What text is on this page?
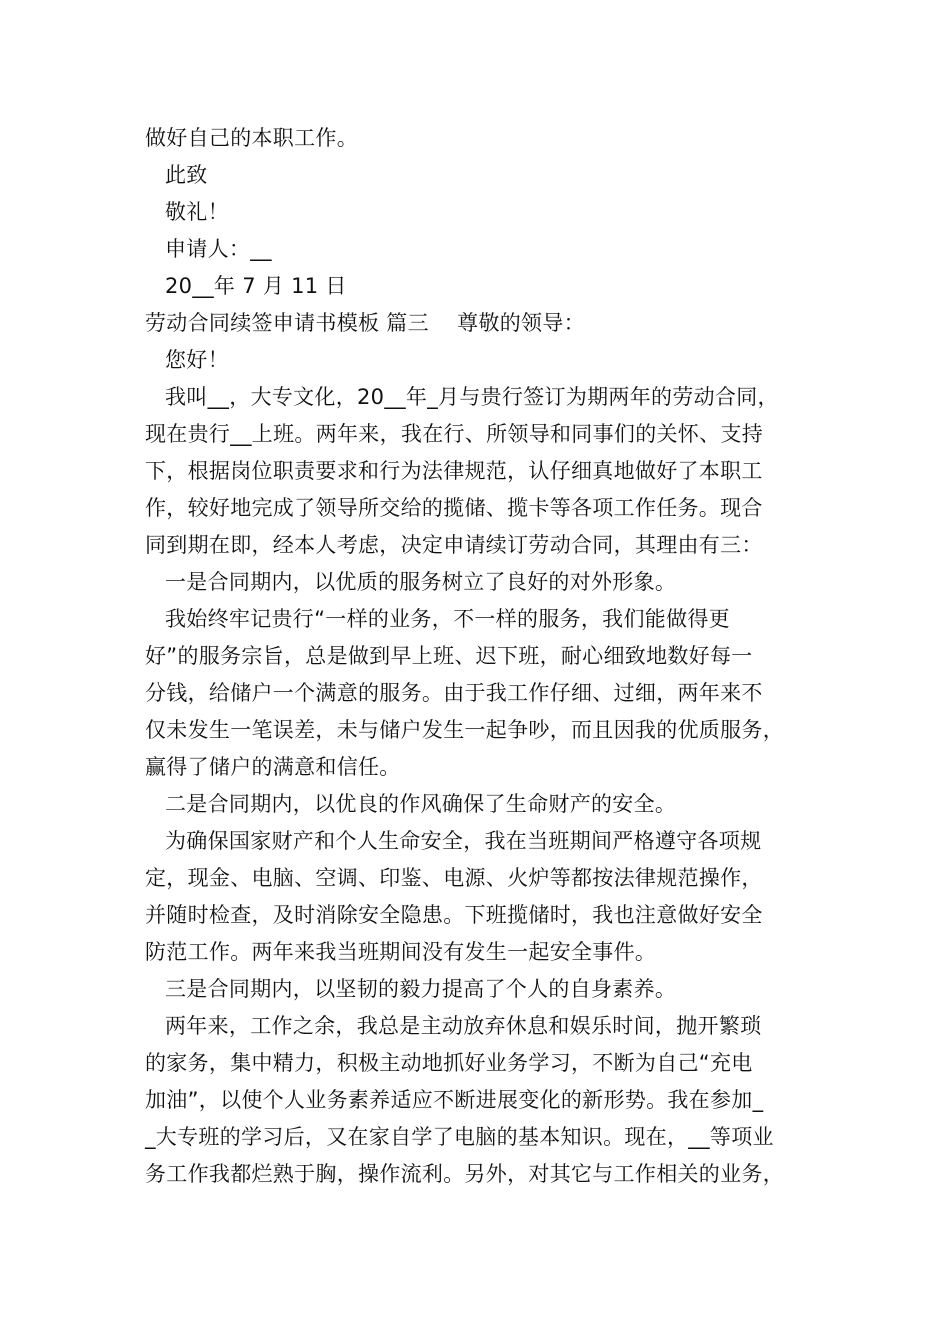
做好自己的本职工作。
此致
敬礼！
申请人：__
20__年 7 月 11 日
劳动合同续签申请书模板 篇三　 尊敬的领导：
您好！
我叫__，大专文化，20__年_月与贵行签订为期两年的劳动合同，
现在贵行__上班。两年来，我在行、所领导和同事们的关怀、支持
下，根据岗位职责要求和行为法律规范，认仔细真地做好了本职工
作，较好地完成了领导所交给的揽储、揽卡等各项工作任务。现合
同到期在即，经本人考虑，决定申请续订劳动合同，其理由有三：
一是合同期内，以优质的服务树立了良好的对外形象。
我始终牢记贵行“一样的业务，不一样的服务，我们能做得更
好”的服务宗旨，总是做到早上班、迟下班，耐心细致地数好每一
分钱，给储户一个满意的服务。由于我工作仔细、过细，两年来不
仅未发生一笔误差，未与储户发生一起争吵，而且因我的优质服务，
赢得了储户的满意和信任。
二是合同期内，以优良的作风确保了生命财产的安全。
为确保国家财产和个人生命安全，我在当班期间严格遵守各项规
定，现金、电脑、空调、印鉴、电源、火炉等都按法律规范操作，
并随时检查，及时消除安全隐患。下班揽储时，我也注意做好安全
防范工作。两年来我当班期间没有发生一起安全事件。
三是合同期内，以坚韧的毅力提高了个人的自身素养。
两年来，工作之余，我总是主动放弃休息和娱乐时间，抛开繁琐
的家务，集中精力，积极主动地抓好业务学习，不断为自己“充电
加油”，以使个人业务素养适应不断进展变化的新形势。我在参加_
_大专班的学习后，又在家自学了电脑的基本知识。现在，__等项业
务工作我都烂熟于胸，操作流利。另外，对其它与工作相关的业务，
